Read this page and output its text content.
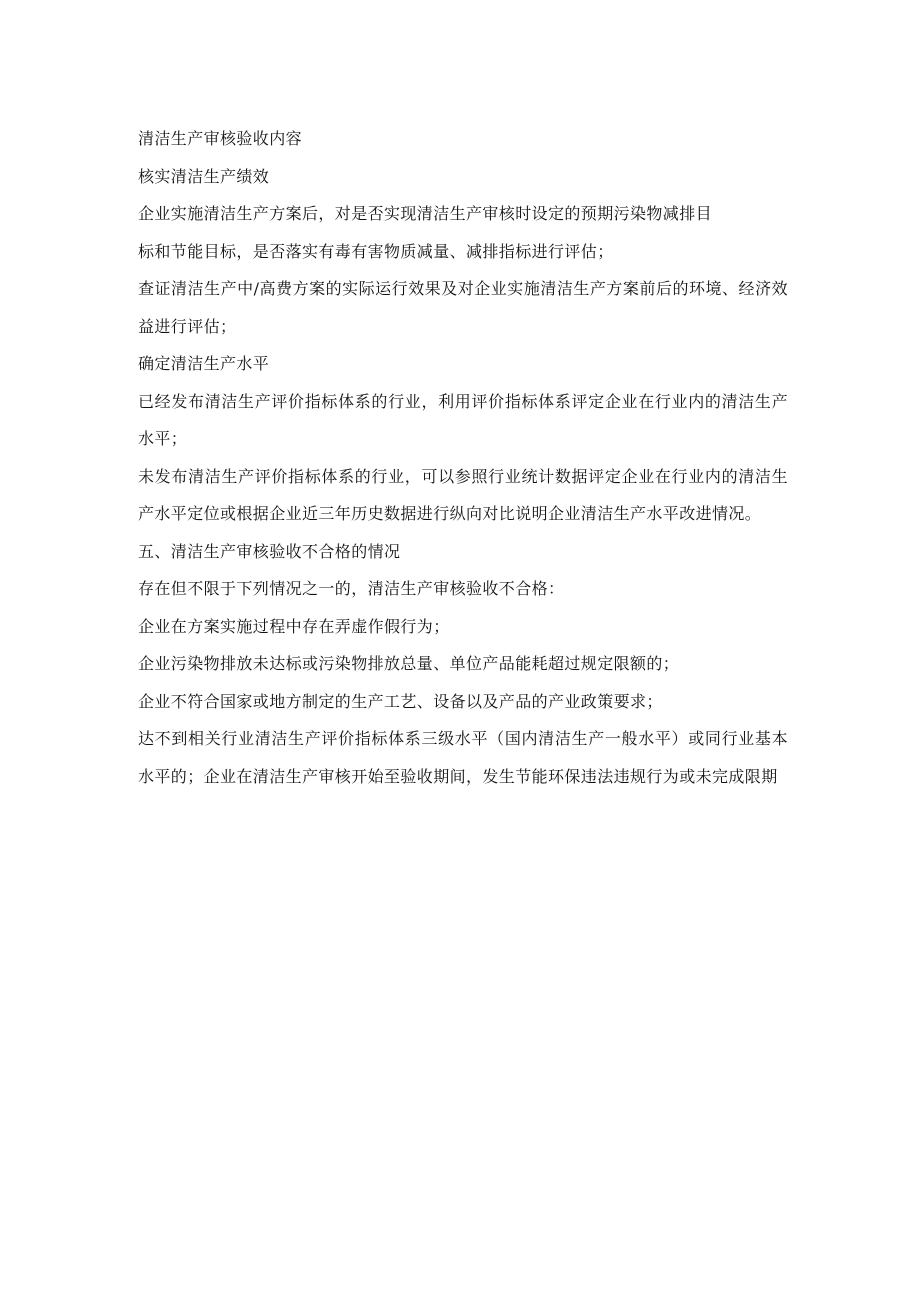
清洁生产审核验收内容

核实清洁生产绩效

企业实施清洁生产方案后，对是否实现清洁生产审核时设定的预期污染物减排目

标和节能目标，是否落实有毒有害物质减量、减排指标进行评估；

查证清洁生产中/高费方案的实际运行效果及对企业实施清洁生产方案前后的环境、经济效益进行评估；

确定清洁生产水平

已经发布清洁生产评价指标体系的行业，利用评价指标体系评定企业在行业内的清洁生产水平；

未发布清洁生产评价指标体系的行业，可以参照行业统计数据评定企业在行业内的清洁生产水平定位或根据企业近三年历史数据进行纵向对比说明企业清洁生产水平改进情况。

五、清洁生产审核验收不合格的情况

存在但不限于下列情况之一的，清洁生产审核验收不合格：

企业在方案实施过程中存在弄虚作假行为；

企业污染物排放未达标或污染物排放总量、单位产品能耗超过规定限额的；

企业不符合国家或地方制定的生产工艺、设备以及产品的产业政策要求；

达不到相关行业清洁生产评价指标体系三级水平（国内清洁生产一般水平）或同行业基本水平的；企业在清洁生产审核开始至验收期间，发生节能环保违法违规行为或未完成限期
